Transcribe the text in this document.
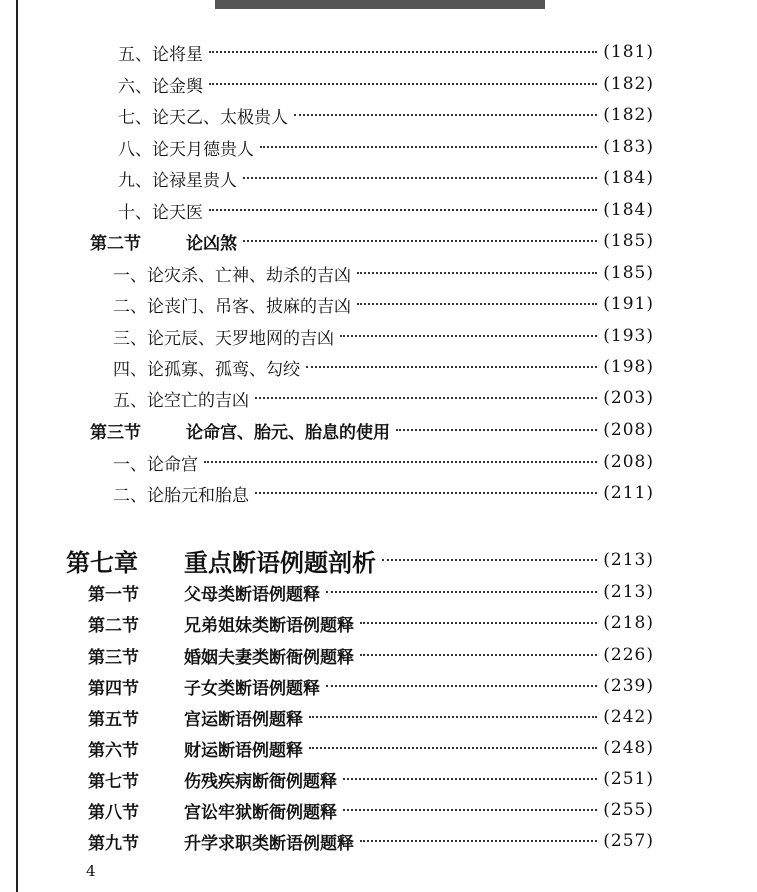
五、论将星	(181)
六、论金舆	(182)
七、论天乙、太极贵人	(182)
八、论天月德贵人	(183)
九、论禄星贵人	(184)
十、论天医	(184)
第二节	论凶煞	(185)
一、论灾杀、亡神、劫杀的吉凶	(185)
二、论丧门、吊客、披麻的吉凶	(191)
三、论元辰、天罗地网的吉凶	(193)
四、论孤寡、孤鸾、勾绞	(198)
五、论空亡的吉凶	(203)
第三节	论命宫、胎元、胎息的使用	(208)
一、论命宫	(208)
二、论胎元和胎息	(211)
第七章 重点断语例题剖析	(213)
第一节	父母类断语例题释	(213)
第二节	兄弟姐妹类断语例题释	(218)
第三节	婚姻夫妻类断衙例题释	(226)
第四节	子女类断语例题释	(239)
第五节	宫运断语例题释	(242)
第六节	财运断语例题释	(248)
第七节	伤残疾病断衙例题释	(251)
第八节	宫讼牢狱断衙例题释	(255)
第九节	升学求职类断语例题释	(257)
4
